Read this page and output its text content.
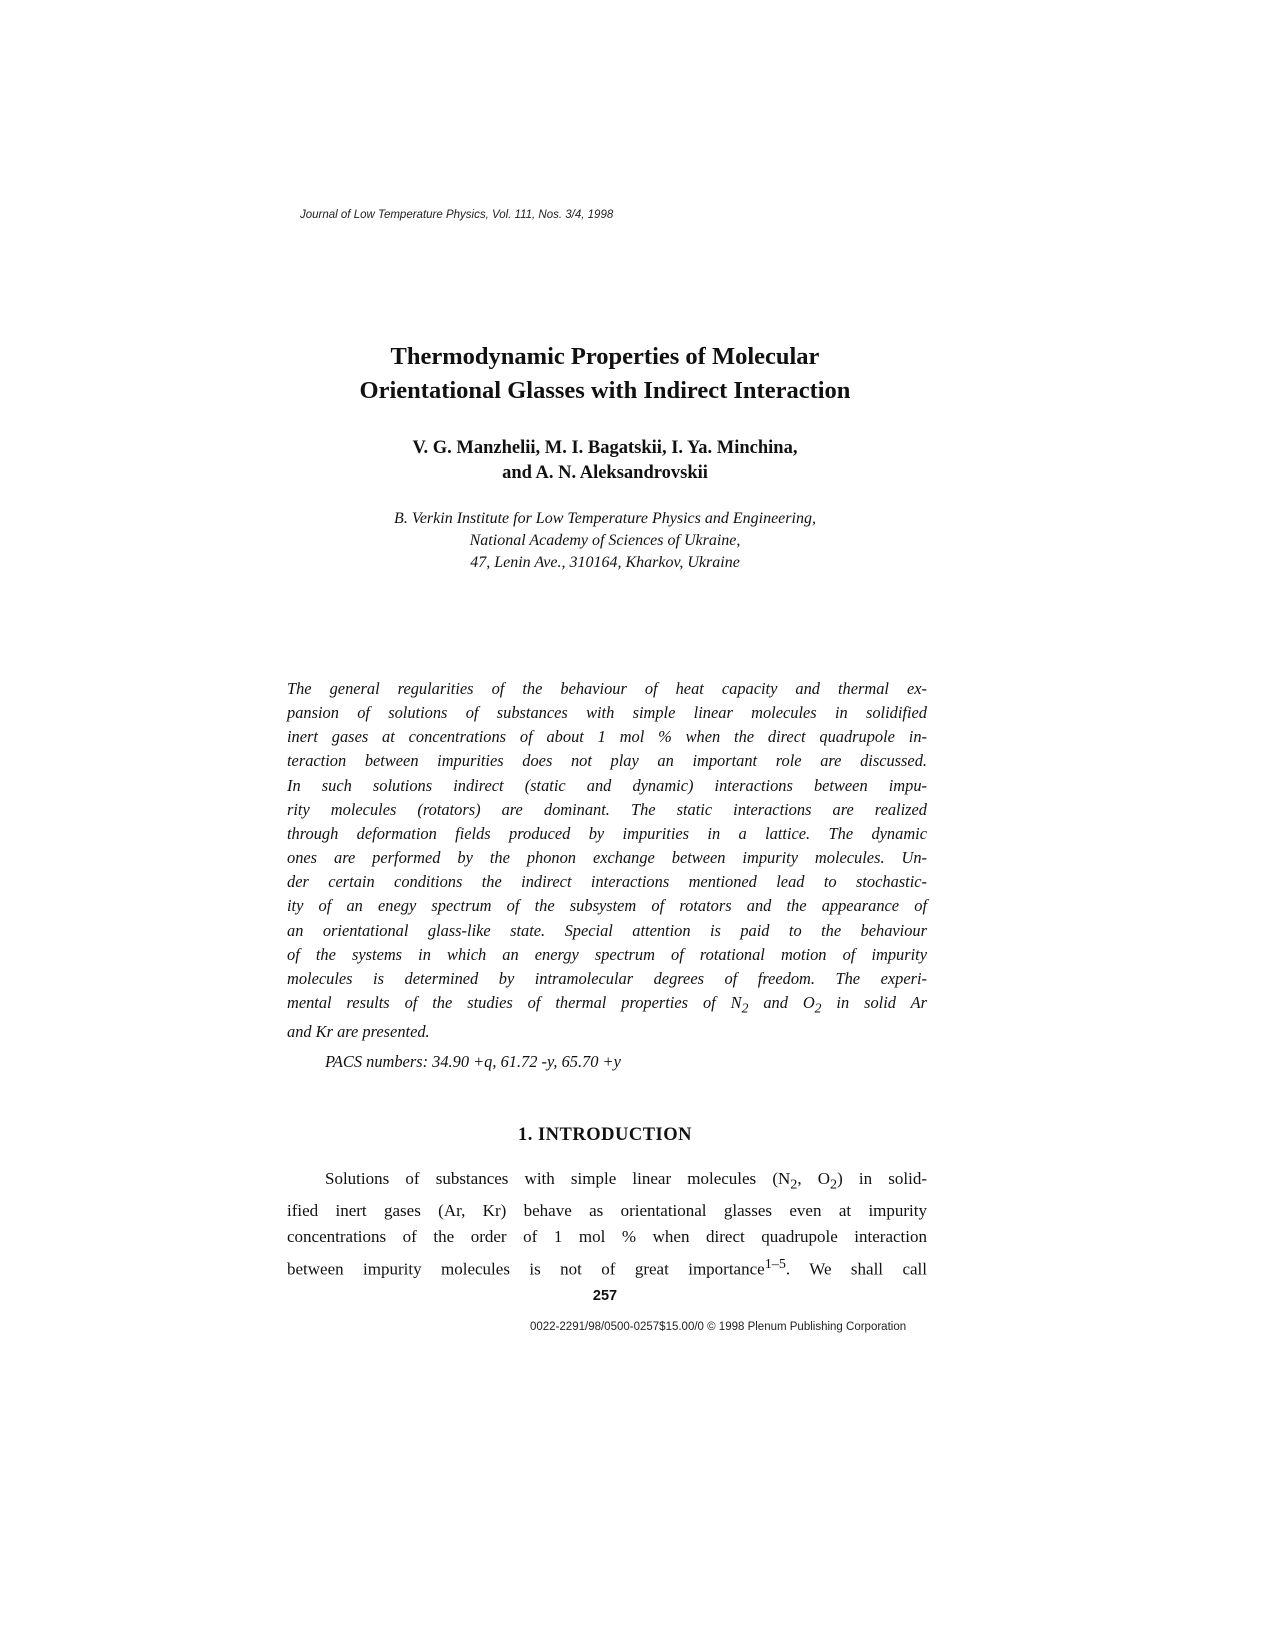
Journal of Low Temperature Physics, Vol. 111, Nos. 3/4, 1998
Thermodynamic Properties of Molecular
Orientational Glasses with Indirect Interaction
V. G. Manzhelii, M. I. Bagatskii, I. Ya. Minchina,
and A. N. Aleksandrovskii
B. Verkin Institute for Low Temperature Physics and Engineering,
National Academy of Sciences of Ukraine,
47, Lenin Ave., 310164, Kharkov, Ukraine
The general regularities of the behaviour of heat capacity and thermal ex-
pansion of solutions of substances with simple linear molecules in solidified
inert gases at concentrations of about 1 mol % when the direct quadrupole in-
teraction between impurities does not play an important role are discussed.
In such solutions indirect (static and dynamic) interactions between impu-
rity molecules (rotators) are dominant. The static interactions are realized
through deformation fields produced by impurities in a lattice. The dynamic
ones are performed by the phonon exchange between impurity molecules. Un-
der certain conditions the indirect interactions mentioned lead to stochastic-
ity of an enegy spectrum of the subsystem of rotators and the appearance of
an orientational glass-like state. Special attention is paid to the behaviour
of the systems in which an energy spectrum of rotational motion of impurity
molecules is determined by intramolecular degrees of freedom. The experi-
mental results of the studies of thermal properties of $N_2$ and $O_2$ in solid Ar
and Kr are presented.
PACS numbers: 34.90 +q, 61.72 -y, 65.70 +y
1. INTRODUCTION
Solutions of substances with simple linear molecules ($N_2$, $O_2$) in solid-
ified inert gases (Ar, Kr) behave as orientational glasses even at impurity
concentrations of the order of 1 mol % when direct quadrupole interaction
between impurity molecules is not of great importance$^{1-5}$. We shall call
257
0022-2291/98/0500-0257$15.00/0 © 1998 Plenum Publishing Corporation
